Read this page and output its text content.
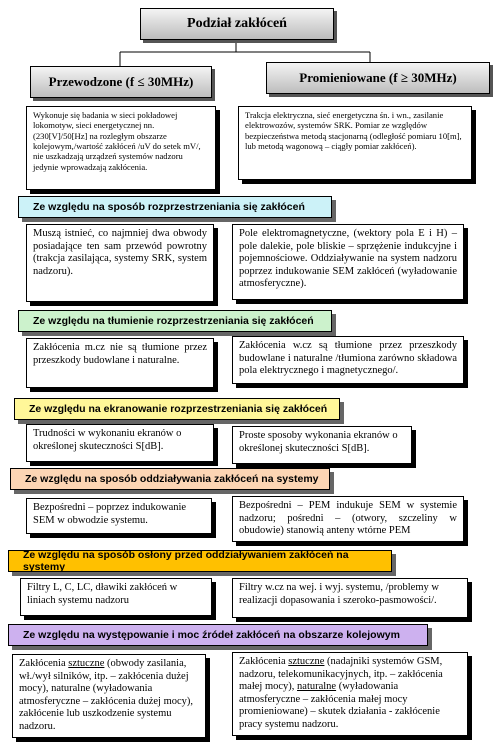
Podział zakłóceń
Przewodzone (f ≤ 30MHz)	Promieniowane (f ≥ 30MHz)
Wykonuje się badania w sieci pokładowej lokomotyw, sieci energetycznej nn. (230[V]/50[Hz] na rozległym obszarze kolejowym,/wartość zakłóceń /uV do setek mV/, nie uszkadzają urządzeń systemów nadzoru jedynie wprowadzają zakłócenia.
Trakcja elektryczna, sieć energetyczna śn. i wn., zasilanie elektrowozów, systemów SRK. Pomiar ze względów bezpieczeństwa metodą stacjonarną (odległość pomiaru 10[m], lub metodą wagonową – ciągły pomiar zakłóceń).
Ze względu na sposób rozprzestrzeniania się zakłóceń
Muszą istnieć, co najmniej dwa obwody posiadające ten sam przewód powrotny (trakcja zasilająca, systemy SRK, system nadzoru).
Pole elektromagnetyczne, (wektory pola E i H) – pole dalekie, pole bliskie – sprzężenie indukcyjne i pojemnościowe. Oddziaływanie na system nadzoru poprzez indukowanie SEM zakłóceń (wyładowanie atmosferyczne).
Ze względu na tłumienie rozprzestrzeniania się zakłóceń
Zakłócenia m.cz nie są tłumione przez przeszkody budowlane i naturalne.
Zakłócenia w.cz są tłumione przez przeszkody budowlane i naturalne /tłumiona zarówno składowa pola elektrycznego i magnetycznego/.
Ze względu na ekranowanie rozprzestrzeniania się zakłóceń
Trudności w wykonaniu ekranów o określonej skuteczności S[dB].
Proste sposoby wykonania ekranów o określonej skuteczności S[dB].
Ze względu na sposób oddziaływania zakłóceń na systemy
Bezpośredni – poprzez indukowanie SEM w obwodzie systemu.
Bezpośredni – PEM indukuje SEM w systemie nadzoru; pośredni – (otwory, szczeliny w obudowie) stanowią anteny wtórne PEM
Ze względu na sposób osłony przed oddziaływaniem zakłóceń na systemy
Filtry L, C, LC, dławiki zakłóceń w liniach systemu nadzoru
Filtry w.cz na wej. i wyj. systemu, /problemy w realizacji dopasowania i szeroko-pasmowości/.
Ze względu na występowanie i moc źródeł zakłóceń na obszarze kolejowym
Zakłócenia sztuczne (obwody zasilania, wł./wył silników, itp. – zakłócenia dużej mocy), naturalne (wyładowania atmosferyczne – zakłócenia dużej mocy), zakłócenie lub uszkodzenie systemu nadzoru.
Zakłócenia sztuczne (nadajniki systemów GSM, nadzoru, telekomunikacyjnych, itp. – zakłócenia małej mocy), naturalne (wyładowania atmosferyczne – zakłócenia małej mocy promieniowane) – skutek działania - zakłócenie pracy systemu nadzoru.
